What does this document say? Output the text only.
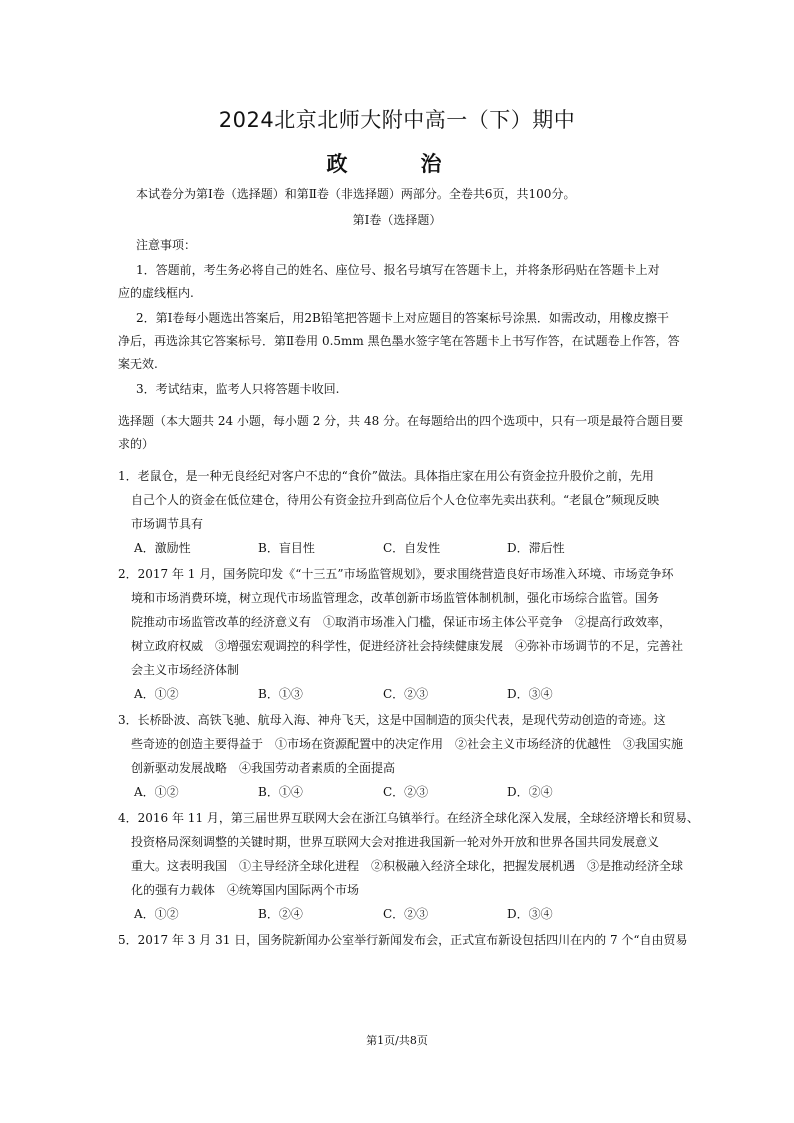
2024北京北师大附中高一（下）期中
政　治
本试卷分为第Ⅰ卷（选择题）和第Ⅱ卷（非选择题）两部分。全卷共6页，共100分。
第Ⅰ卷（选择题）
注意事项：
1．答题前，考生务必将自己的姓名、座位号、报名号填写在答题卡上，并将条形码贴在答题卡上对
应的虚线框内.
2．第Ⅰ卷每小题选出答案后，用2B铅笔把答题卡上对应题目的答案标号涂黑．如需改动，用橡皮擦干
净后，再选涂其它答案标号．第Ⅱ卷用 0.5mm 黑色墨水签字笔在答题卡上书写作答，在试题卷上作答，答
案无效.
3．考试结束，监考人只将答题卡收回.
选择题（本大题共 24 小题，每小题 2 分，共 48 分。在每题给出的四个选项中，只有一项是最符合题目要
求的）
1．老鼠仓，是一种无良经纪对客户不忠的“食价”做法。具体指庄家在用公有资金拉升股价之前，先用
自己个人的资金在低位建仓，待用公有资金拉升到高位后个人仓位率先卖出获利。“老鼠仓”频现反映
市场调节具有
A．激励性	B．盲目性	C．自发性	D．滞后性
2．2017 年 1 月，国务院印发《“十三五”市场监管规划》，要求围绕营造良好市场准入环境、市场竞争环
境和市场消费环境，树立现代市场监管理念，改革创新市场监管体制机制，强化市场综合监管。国务
院推动市场监管改革的经济意义有　①取消市场准入门槛，保证市场主体公平竞争　②提高行政效率，
树立政府权威　③增强宏观调控的科学性，促进经济社会持续健康发展　④弥补市场调节的不足，完善社
会主义市场经济体制
A．①②	B．①③	C．②③	D．③④
3．长桥卧波、高铁飞驰、航母入海、神舟飞天，这是中国制造的顶尖代表，是现代劳动创造的奇迹。这
些奇迹的创造主要得益于　①市场在资源配置中的决定作用　②社会主义市场经济的优越性　③我国实施
创新驱动发展战略　④我国劳动者素质的全面提高
A．①②	B．①④	C．②③	D．②④
4．2016 年 11 月，第三届世界互联网大会在浙江乌镇举行。在经济全球化深入发展，全球经济增长和贸易、
投资格局深刻调整的关键时期，世界互联网大会对推进我国新一轮对外开放和世界各国共同发展意义
重大。这表明我国　①主导经济全球化进程　②积极融入经济全球化，把握发展机遇　③是推动经济全球
化的强有力载体　④统筹国内国际两个市场
A．①②	B．②④	C．②③	D．③④
5．2017 年 3 月 31 日，国务院新闻办公室举行新闻发布会，正式宣布新设包括四川在内的 7 个“自由贸易
第1页/共8页
